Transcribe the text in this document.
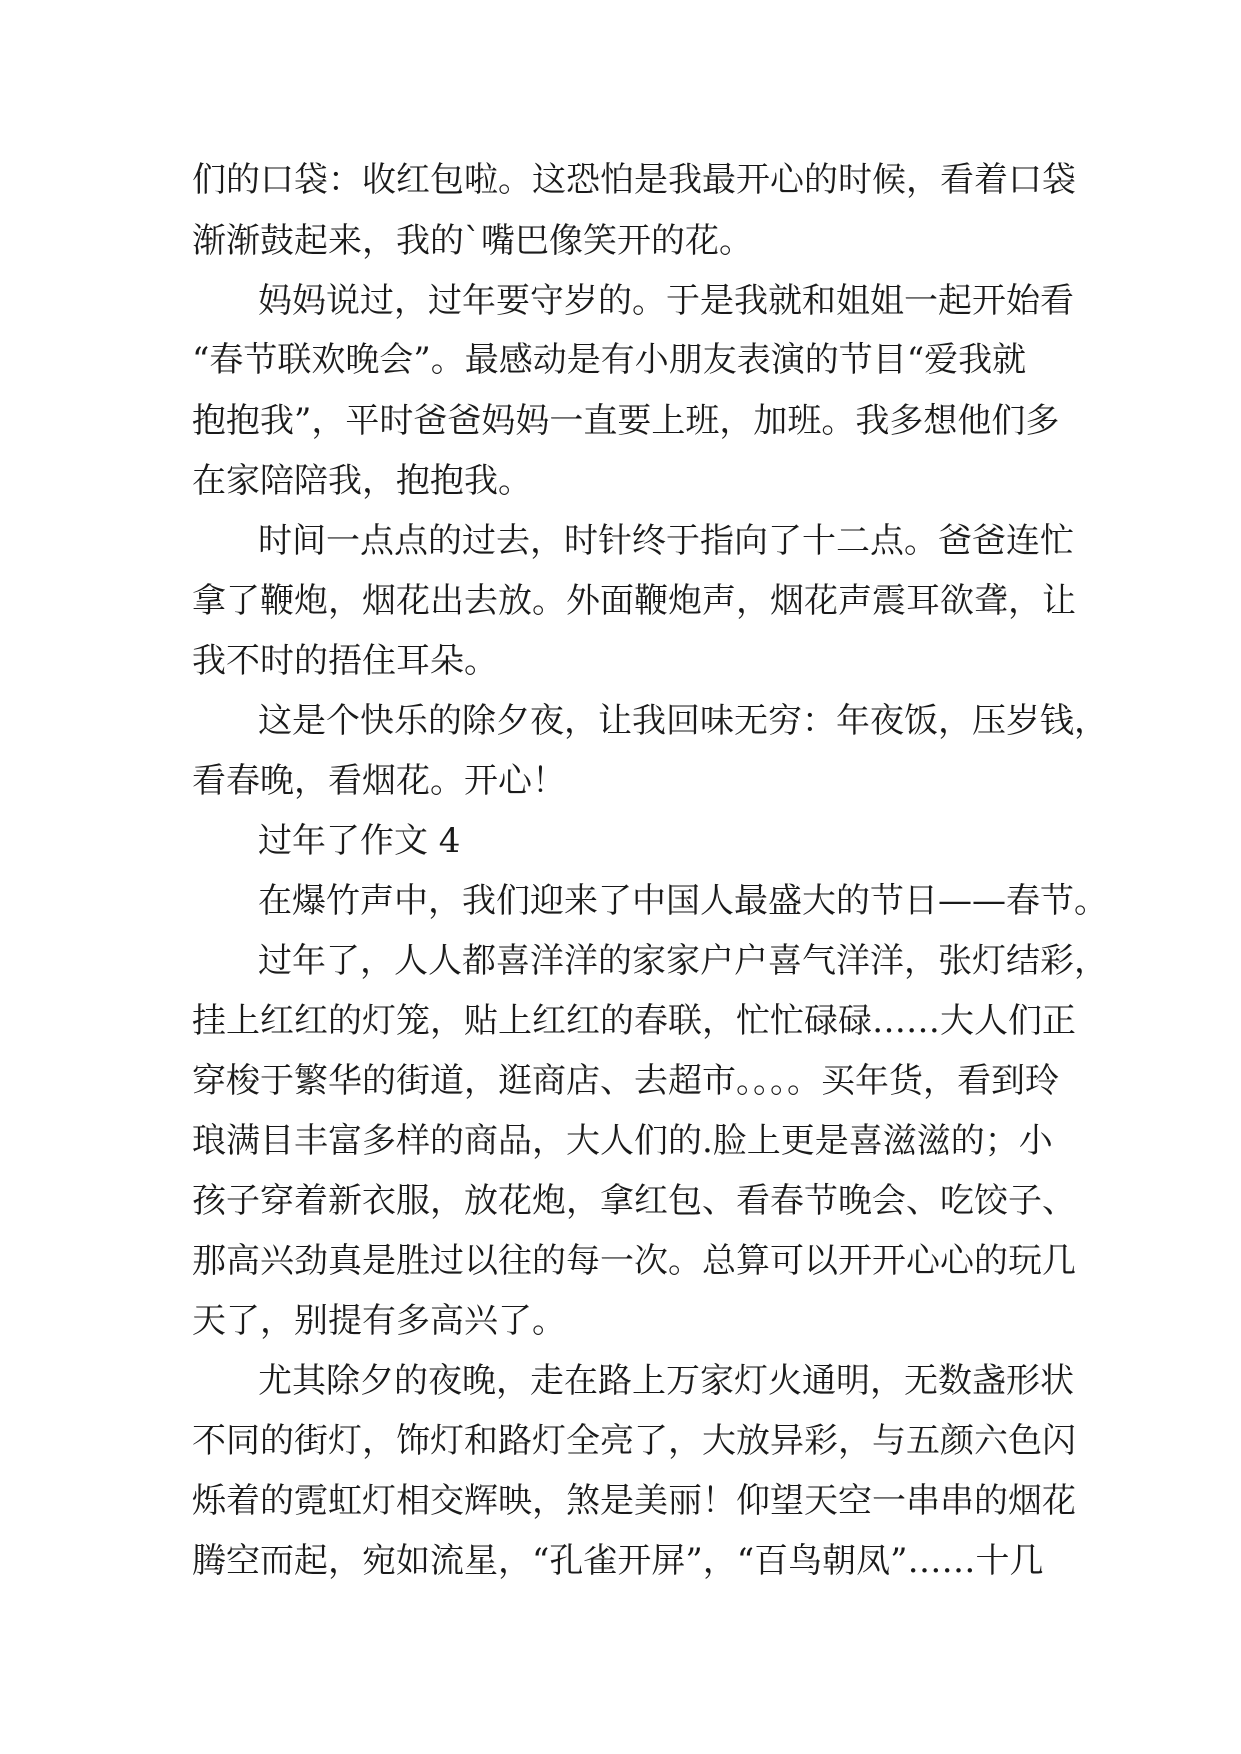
们的口袋：收红包啦。这恐怕是我最开心的时候，看着口袋
渐渐鼓起来，我的`嘴巴像笑开的花。
妈妈说过，过年要守岁的。于是我就和姐姐一起开始看
“春节联欢晚会”。最感动是有小朋友表演的节目“爱我就
抱抱我”，平时爸爸妈妈一直要上班，加班。我多想他们多
在家陪陪我，抱抱我。
时间一点点的过去，时针终于指向了十二点。爸爸连忙
拿了鞭炮，烟花出去放。外面鞭炮声，烟花声震耳欲聋，让
我不时的捂住耳朵。
这是个快乐的除夕夜，让我回味无穷：年夜饭，压岁钱，
看春晚，看烟花。开心！
过年了作文 4
在爆竹声中，我们迎来了中国人最盛大的节日——春节。
过年了，人人都喜洋洋的家家户户喜气洋洋，张灯结彩，
挂上红红的灯笼，贴上红红的春联，忙忙碌碌……大人们正
穿梭于繁华的街道，逛商店、去超市。。。。买年货，看到玲
琅满目丰富多样的商品，大人们的.脸上更是喜滋滋的；小
孩子穿着新衣服，放花炮，拿红包、看春节晚会、吃饺子、
那高兴劲真是胜过以往的每一次。总算可以开开心心的玩几
天了，别提有多高兴了。
尤其除夕的夜晚，走在路上万家灯火通明，无数盏形状
不同的街灯，饰灯和路灯全亮了，大放异彩，与五颜六色闪
烁着的霓虹灯相交辉映，煞是美丽！仰望天空一串串的烟花
腾空而起，宛如流星，“孔雀开屏”，“百鸟朝凤”……十几
